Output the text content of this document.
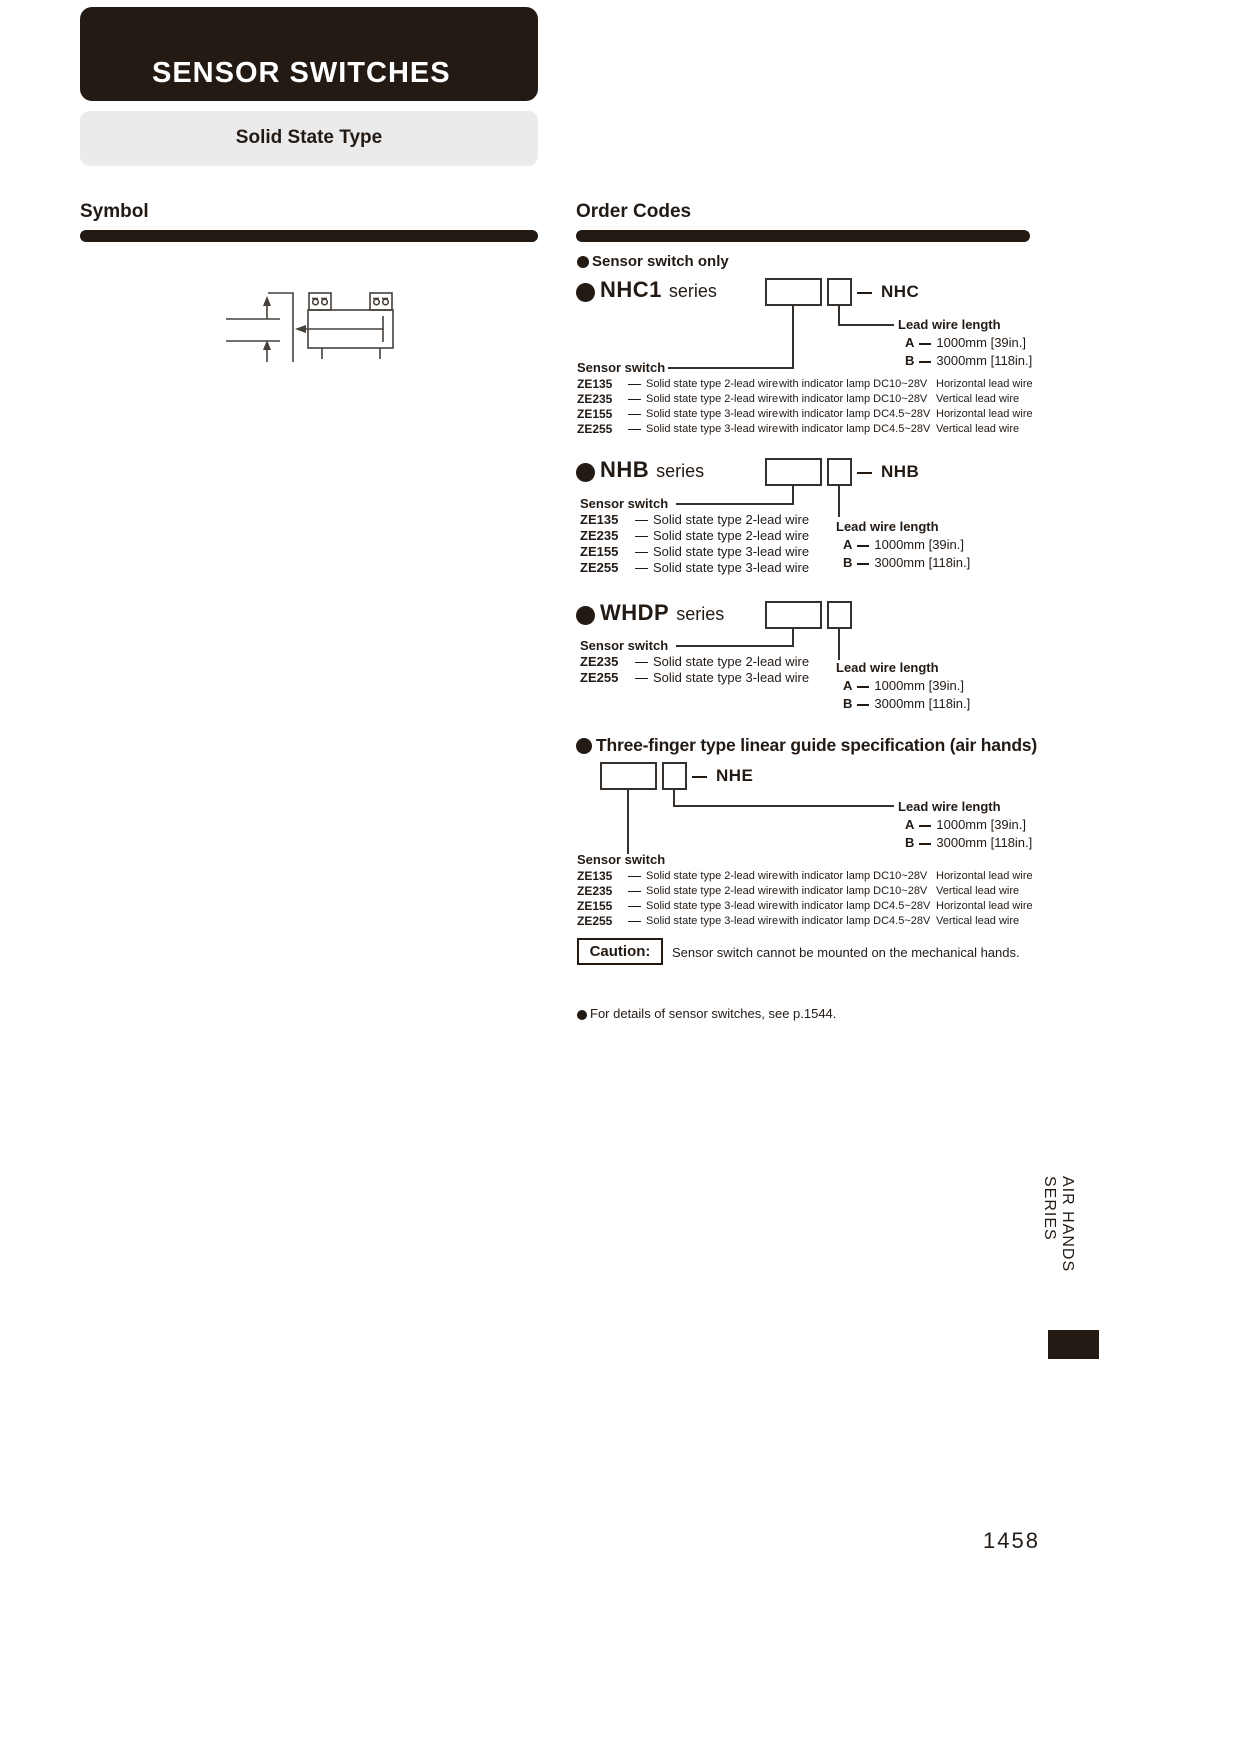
SENSOR SWITCHES
Solid State Type
Symbol	Order Codes
Sensor switch only
NHC1 series	NHC
Lead wire length
A 1000mm [39in.]
B 3000mm [118in.]
Sensor switch
ZE135	Solid state type 2-lead wire with indicator lamp DC10~28V Horizontal lead wire
ZE235	Solid state type 2-lead wire with indicator lamp DC10~28V Vertical lead wire
ZE155	Solid state type 3-lead wire with indicator lamp DC4.5~28V Horizontal lead wire
ZE255	Solid state type 3-lead wire with indicator lamp DC4.5~28V Vertical lead wire
NHB series	NHB
Sensor switch
ZE135	Solid state type 2-lead wire
ZE235	Solid state type 2-lead wire
ZE155	Solid state type 3-lead wire
ZE255	Solid state type 3-lead wire
Lead wire length
A 1000mm [39in.]
B 3000mm [118in.]
WHDP series
Sensor switch
ZE235	Solid state type 2-lead wire
ZE255	Solid state type 3-lead wire
Lead wire length
A 1000mm [39in.]
B 3000mm [118in.]
Three-finger type linear guide specification (air hands)
NHE
Lead wire length
A 1000mm [39in.]
B 3000mm [118in.]
Sensor switch
ZE135	Solid state type 2-lead wire with indicator lamp DC10~28V Horizontal lead wire
ZE235	Solid state type 2-lead wire with indicator lamp DC10~28V Vertical lead wire
ZE155	Solid state type 3-lead wire with indicator lamp DC4.5~28V Horizontal lead wire
ZE255	Solid state type 3-lead wire with indicator lamp DC4.5~28V Vertical lead wire
Caution: Sensor switch cannot be mounted on the mechanical hands.
For details of sensor switches, see p.1544.
AIR HANDS SERIES
1458
